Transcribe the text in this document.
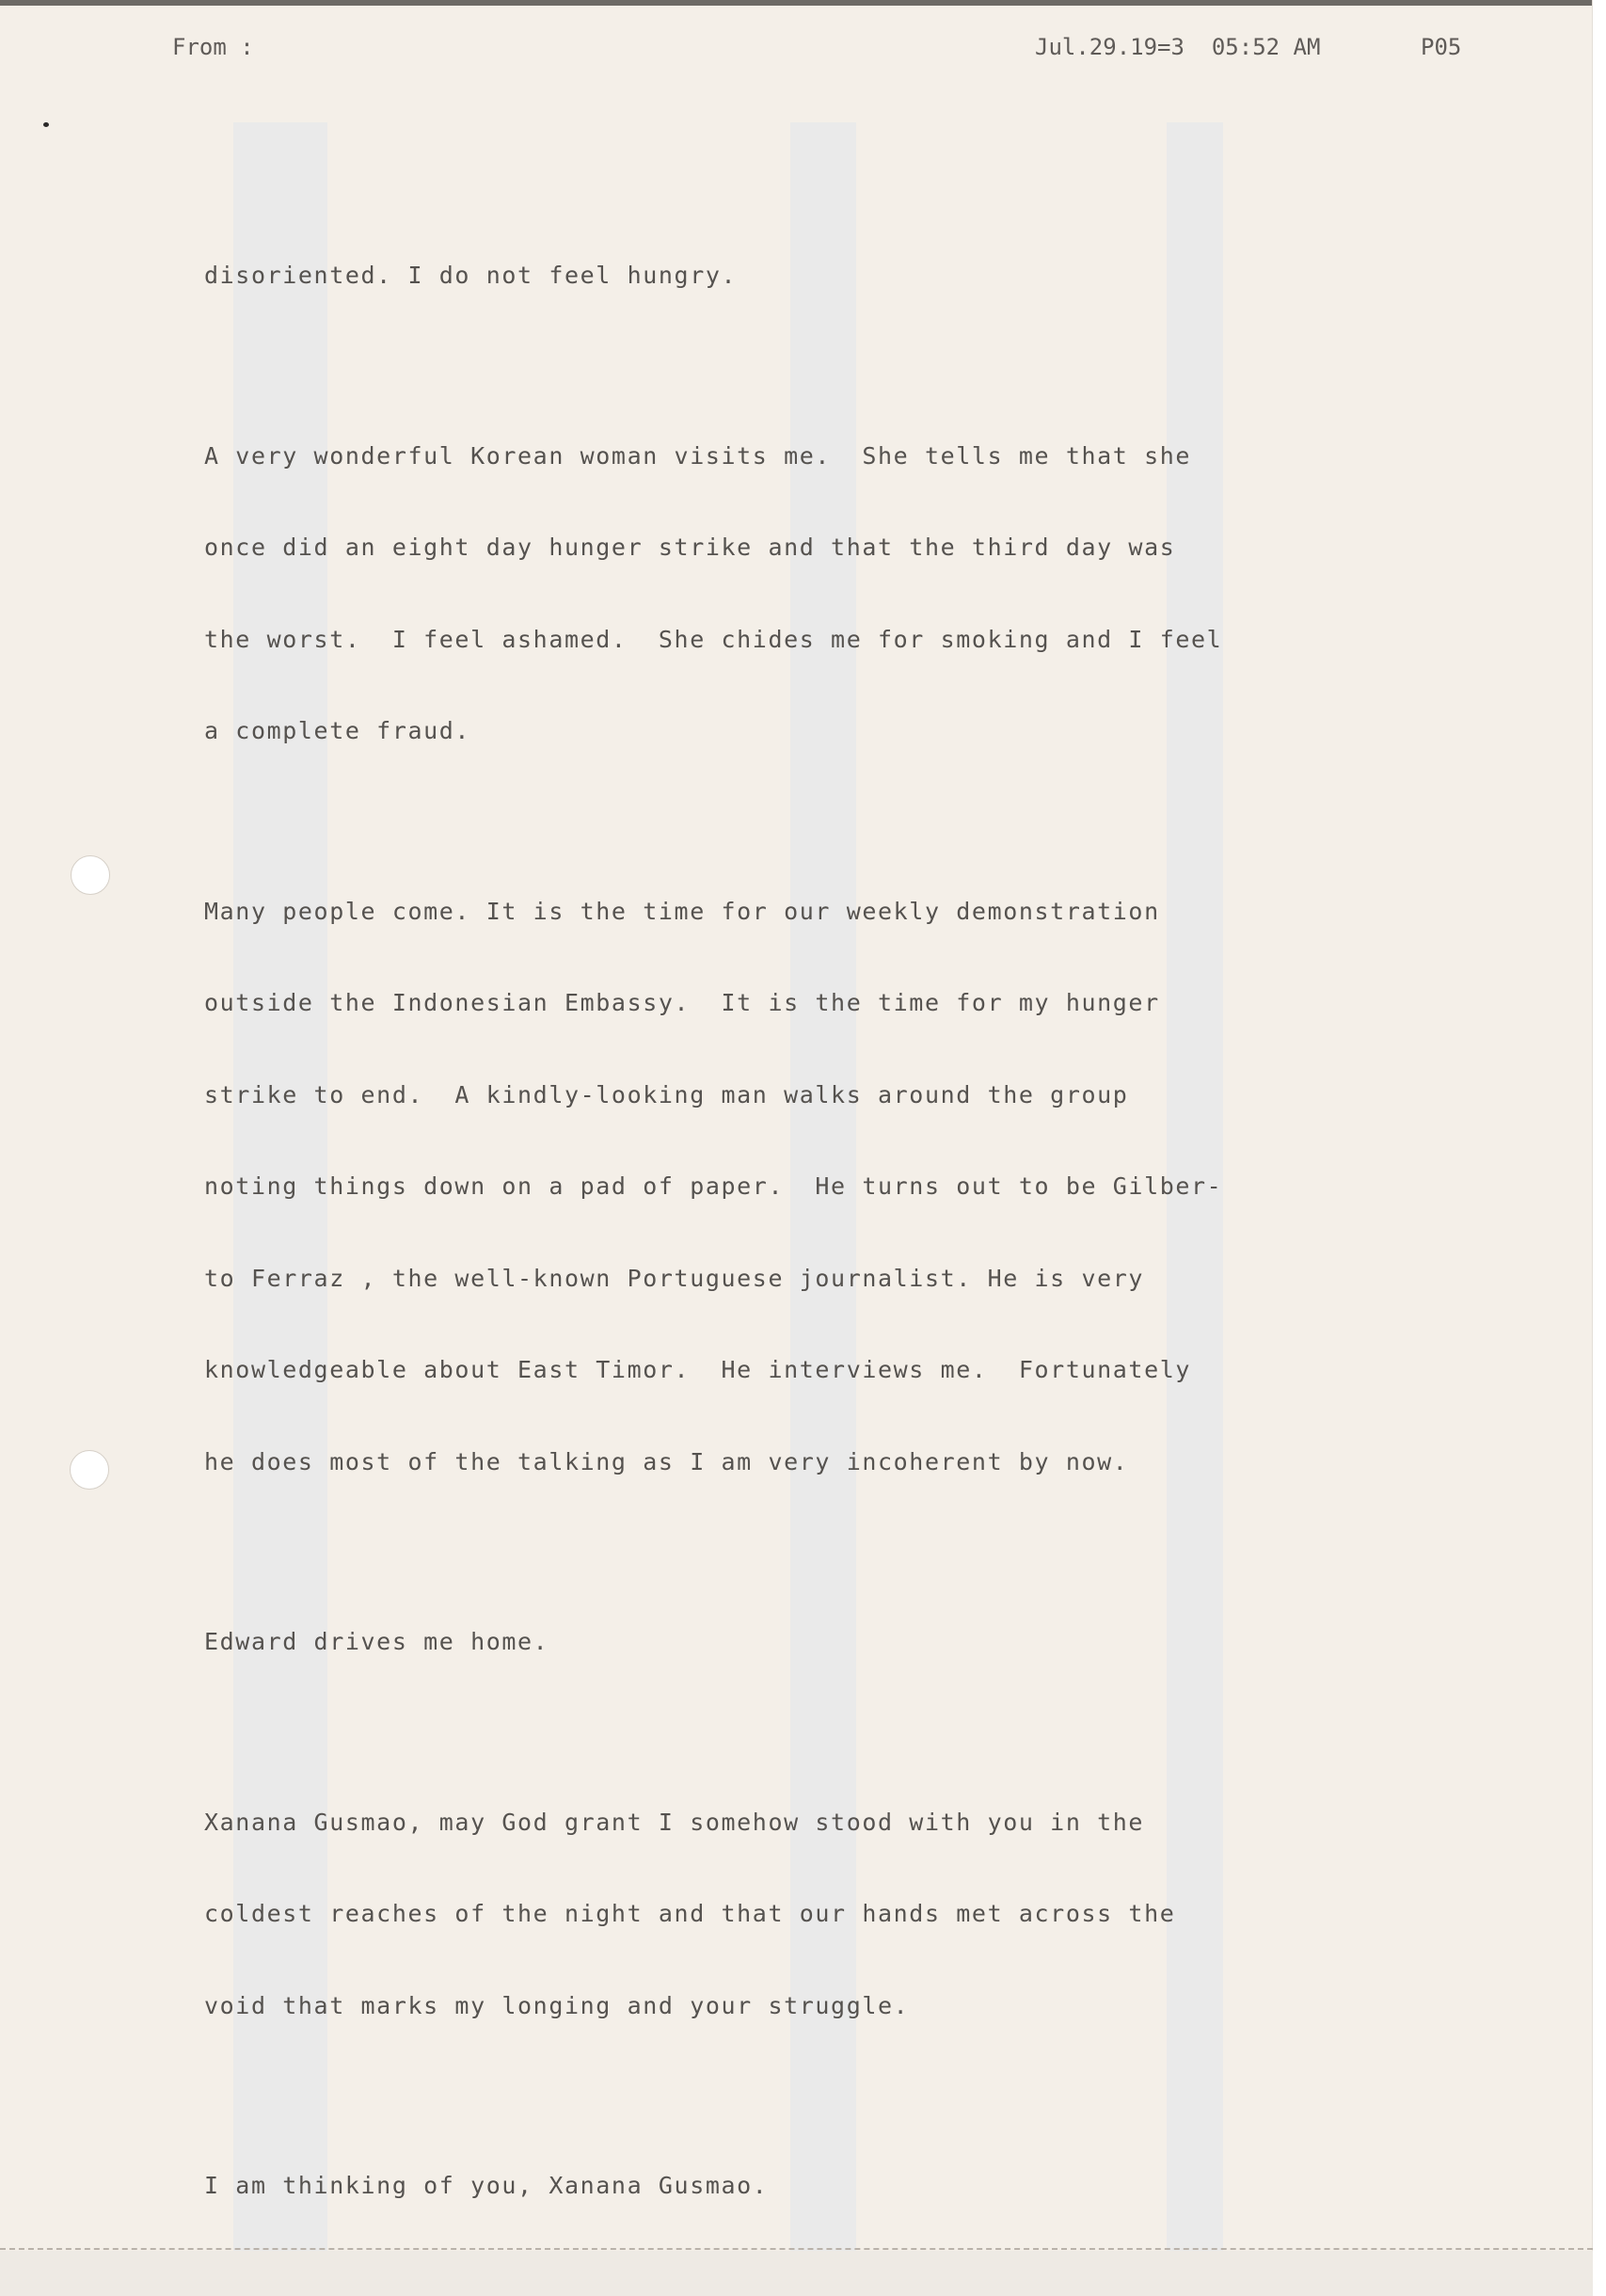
From :	Jul.29.19=3  05:52 AM	P05

disoriented. I do not feel hungry.

A very wonderful Korean woman visits me.  She tells me that she

once did an eight day hunger strike and that the third day was

the worst.  I feel ashamed.  She chides me for smoking and I feel

a complete fraud.

Many people come. It is the time for our weekly demonstration

outside the Indonesian Embassy.  It is the time for my hunger

strike to end.  A kindly-looking man walks around the group

noting things down on a pad of paper.  He turns out to be Gilber-

to Ferraz , the well-known Portuguese journalist. He is very

knowledgeable about East Timor.  He interviews me.  Fortunately

he does most of the talking as I am very incoherent by now.

Edward drives me home.

Xanana Gusmao, may God grant I somehow stood with you in the

coldest reaches of the night and that our hands met across the

void that marks my longing and your struggle.

I am thinking of you, Xanana Gusmao.
